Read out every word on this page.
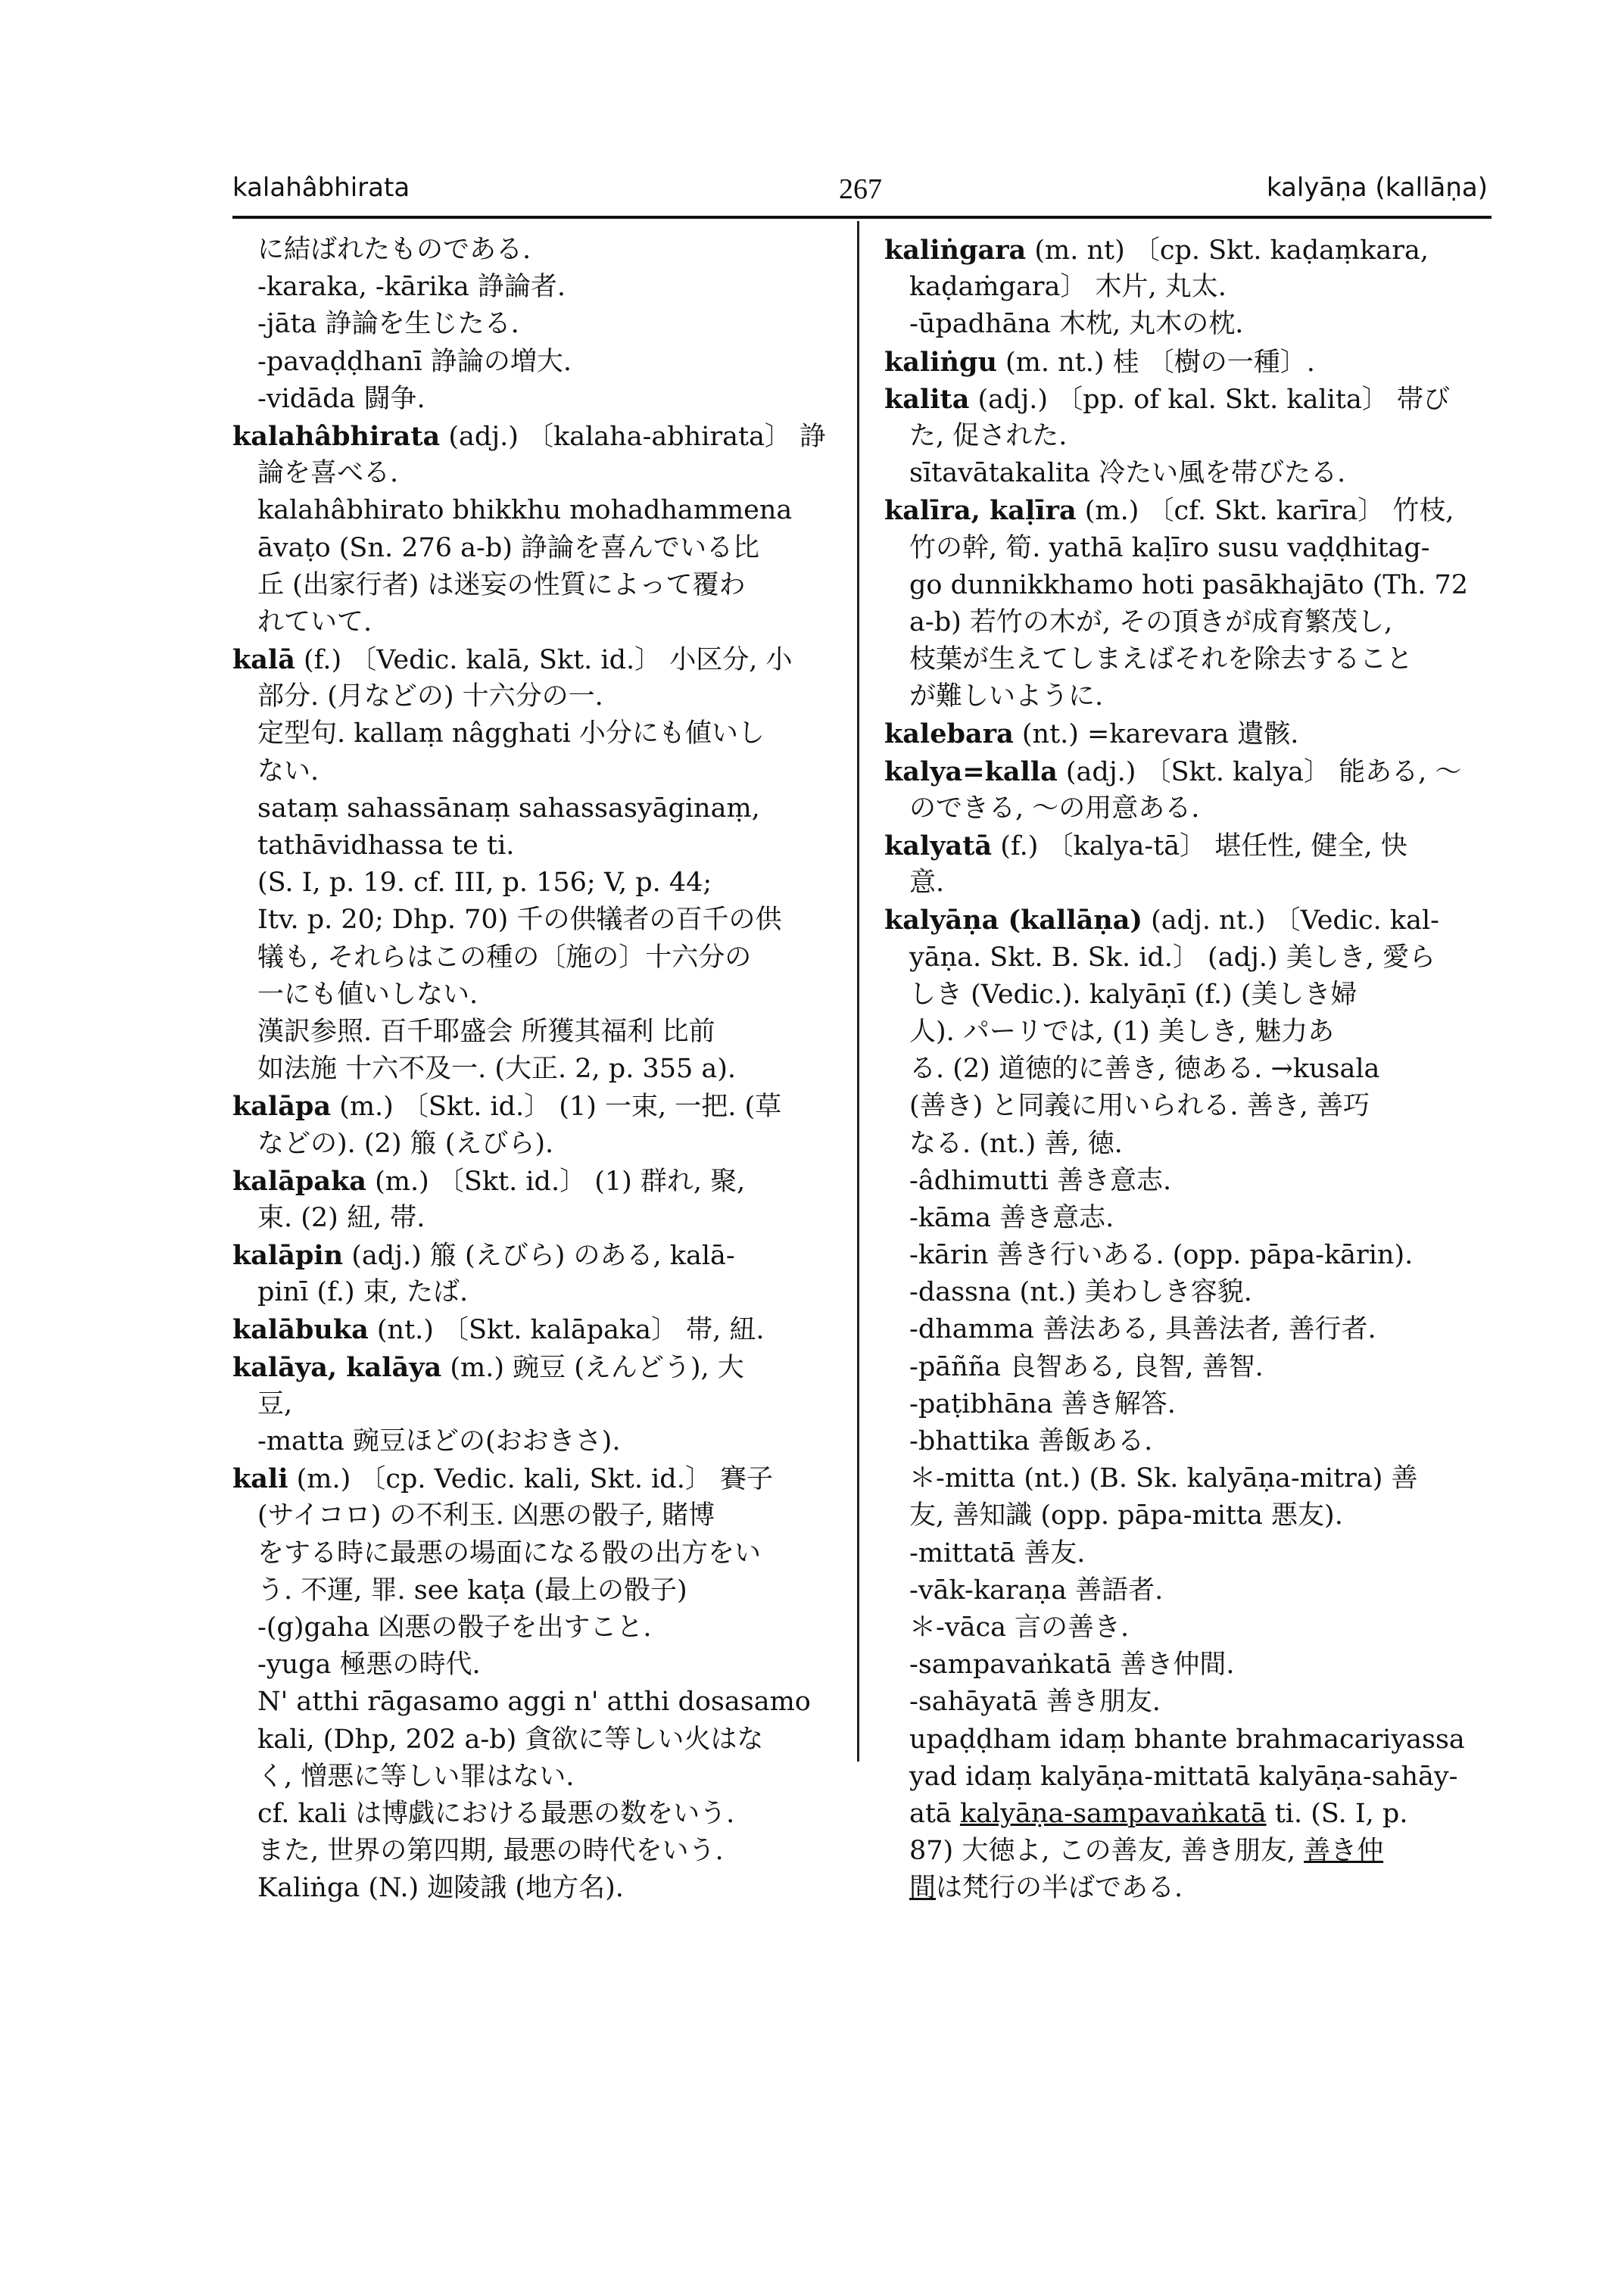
kalahâbhirata	267	kalyāṇa (kallāṇa)
に結ばれたものである.
-karaka, -kārika 諍論者.
-jāta 諍論を生じたる.
-pavaḍḍhanī 諍論の増大.
-vidāda 闘争.
kalahâbhirata (adj.) 〔kalaha-abhirata〕 諍
論を喜べる.
kalahâbhirato bhikkhu mohadhammena
āvaṭo (Sn. 276 a-b) 諍論を喜んでいる比
丘 (出家行者) は迷妄の性質によって覆わ
れていて.
kalā (f.) 〔Vedic. kalā, Skt. id.〕 小区分, 小
部分. (月などの) 十六分の一.
定型句. kallaṃ nâgghati 小分にも値いし
ない.
sataṃ sahassānaṃ sahassasyāginaṃ,
tathāvidhassa te ti.
(S. I, p. 19. cf. III, p. 156; V, p. 44;
Itv. p. 20; Dhp. 70) 千の供犠者の百千の供
犠も, それらはこの種の〔施の〕十六分の
一にも値いしない.
漢訳参照. 百千耶盛会 所獲其福利 比前
如法施 十六不及一. (大正. 2, p. 355 a).
kalāpa (m.) 〔Skt. id.〕 (1) 一束, 一把. (草
などの). (2) 箙 (えびら).
kalāpaka (m.) 〔Skt. id.〕 (1) 群れ, 聚,
束. (2) 紐, 帯.
kalāpin (adj.) 箙 (えびら) のある, kalā-
pinī (f.) 束, たば.
kalābuka (nt.) 〔Skt. kalāpaka〕 帯, 紐.
kalāya, kalāya (m.) 豌豆 (えんどう), 大
豆,
-matta 豌豆ほどの(おおきさ).
kali (m.) 〔cp. Vedic. kali, Skt. id.〕 賽子
(サイコロ) の不利玉. 凶悪の骰子, 賭博
をする時に最悪の場面になる骰の出方をい
う. 不運, 罪. see kaṭa (最上の骰子)
-(g)gaha 凶悪の骰子を出すこと.
-yuga 極悪の時代.
N' atthi rāgasamo aggi n' atthi dosasamo
kali, (Dhp, 202 a-b) 貪欲に等しい火はな
く, 憎悪に等しい罪はない.
cf. kali は博戯における最悪の数をいう.
また, 世界の第四期, 最悪の時代をいう.
Kaliṅga (N.) 迦陵誐 (地方名).
kaliṅgara (m. nt) 〔cp. Skt. kaḍaṃkara,
kaḍaṁgara〕 木片, 丸太.
-ūpadhāna 木枕, 丸木の枕.
kaliṅgu (m. nt.) 桂 〔樹の一種〕.
kalita (adj.) 〔pp. of kal. Skt. kalita〕 帯び
た, 促された.
sītavātakalita 冷たい風を帯びたる.
kalīra, kaḷīra (m.) 〔cf. Skt. karīra〕 竹枝,
竹の幹, 筍. yathā kaḷīro susu vaḍḍhitag-
go dunnikkhamo hoti pasākhajāto (Th. 72
a-b) 若竹の木が, その頂きが成育繁茂し,
枝葉が生えてしまえばそれを除去すること
が難しいように.
kalebara (nt.) =karevara 遺骸.
kalya=kalla (adj.) 〔Skt. kalya〕 能ある, ～
のできる, ～の用意ある.
kalyatā (f.) 〔kalya-tā〕 堪任性, 健全, 快
意.
kalyāṇa (kallāṇa) (adj. nt.) 〔Vedic. kal-
yāṇa. Skt. B. Sk. id.〕 (adj.) 美しき, 愛ら
しき (Vedic.). kalyāṇī (f.) (美しき婦
人). パーリでは, (1) 美しき, 魅力あ
る. (2) 道徳的に善き, 徳ある. →kusala
(善き) と同義に用いられる. 善き, 善巧
なる. (nt.) 善, 徳.
-âdhimutti 善き意志.
-kāma 善き意志.
-kārin 善き行いある. (opp. pāpa-kārin).
-dassna (nt.) 美わしき容貌.
-dhamma 善法ある, 具善法者, 善行者.
-pāñña 良智ある, 良智, 善智.
-paṭibhāna 善き解答.
-bhattika 善飯ある.
＊-mitta (nt.) (B. Sk. kalyāṇa-mitra) 善
友, 善知識 (opp. pāpa-mitta 悪友).
-mittatā 善友.
-vāk-karaṇa 善語者.
＊-vāca 言の善き.
-sampavaṅkatā 善き仲間.
-sahāyatā 善き朋友.
upaḍḍham idaṃ bhante brahmacariyassa
yad idaṃ kalyāṇa-mittatā kalyāṇa-sahāy-
atā kalyāṇa-sampavaṅkatā ti. (S. I, p.
87) 大徳よ, この善友, 善き朋友, 善き仲
間は梵行の半ばである.
